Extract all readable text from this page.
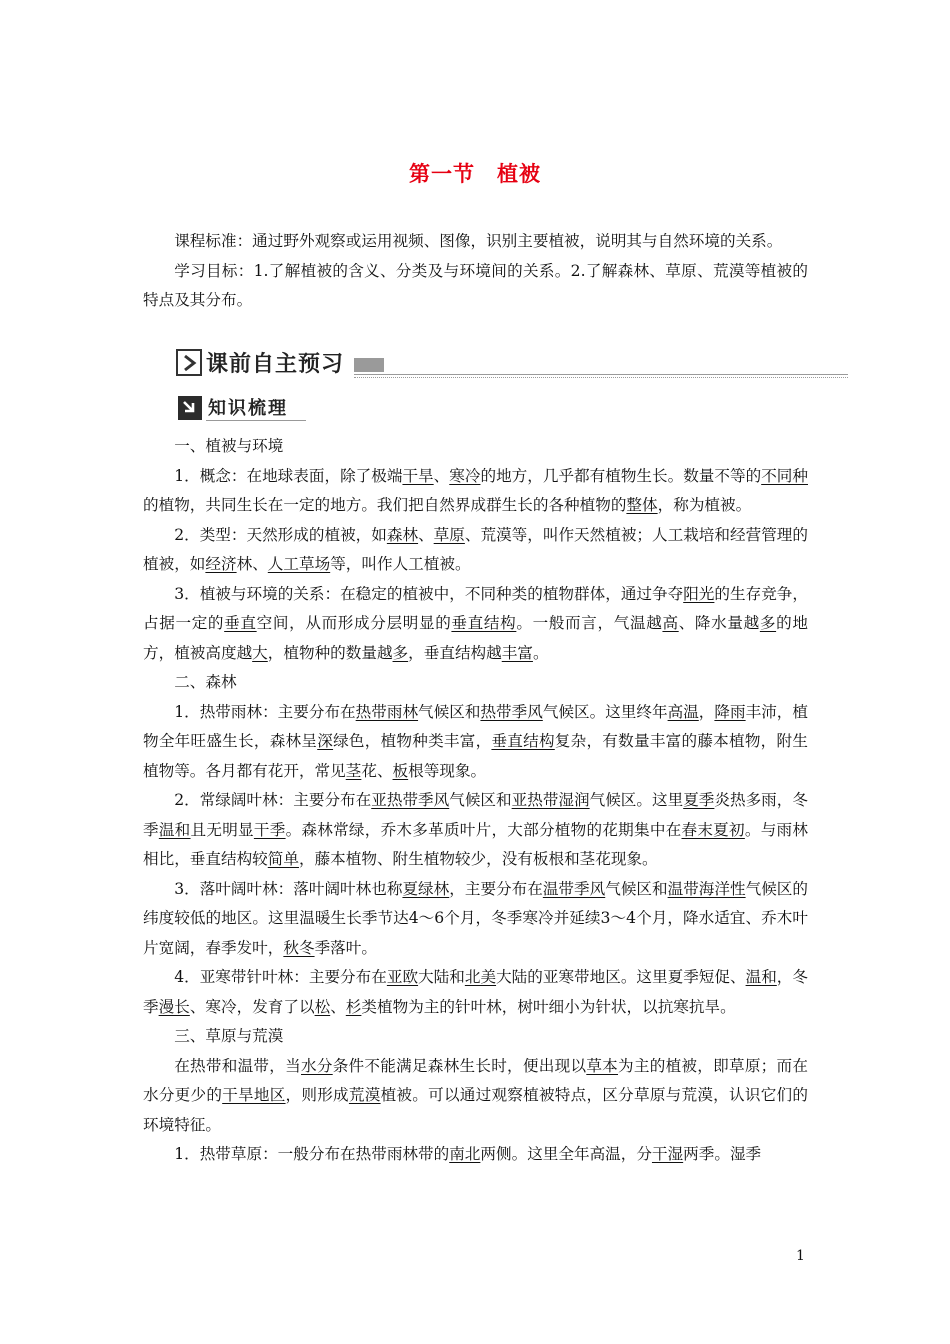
第一节 植被

课程标准：通过野外观察或运用视频、图像，识别主要植被，说明其与自然环境的关系。

学习目标：1.了解植被的含义、分类及与环境间的关系。2.了解森林、草原、荒漠等植被的特点及其分布。

课前自主预习
知识梳理

一、植被与环境

1．概念：在地球表面，除了极端干旱、寒冷的地方，几乎都有植物生长。数量不等的不同种的植物，共同生长在一定的地方。我们把自然界成群生长的各种植物的整体，称为植被。

2．类型：天然形成的植被，如森林、草原、荒漠等，叫作天然植被；人工栽培和经营管理的植被，如经济林、人工草场等，叫作人工植被。

3．植被与环境的关系：在稳定的植被中，不同种类的植物群体，通过争夺阳光的生存竞争，占据一定的垂直空间，从而形成分层明显的垂直结构。一般而言，气温越高、降水量越多的地方，植被高度越大，植物种的数量越多，垂直结构越丰富。

二、森林

1．热带雨林：主要分布在热带雨林气候区和热带季风气候区。这里终年高温，降雨丰沛，植物全年旺盛生长，森林呈深绿色，植物种类丰富，垂直结构复杂，有数量丰富的藤本植物，附生植物等。各月都有花开，常见茎花、板根等现象。

2．常绿阔叶林：主要分布在亚热带季风气候区和亚热带湿润气候区。这里夏季炎热多雨，冬季温和且无明显干季。森林常绿，乔木多革质叶片，大部分植物的花期集中在春末夏初。与雨林相比，垂直结构较简单，藤本植物、附生植物较少，没有板根和茎花现象。

3．落叶阔叶林：落叶阔叶林也称夏绿林，主要分布在温带季风气候区和温带海洋性气候区的纬度较低的地区。这里温暖生长季节达4～6个月，冬季寒冷并延续3～4个月，降水适宜、乔木叶片宽阔，春季发叶，秋冬季落叶。

4．亚寒带针叶林：主要分布在亚欧大陆和北美大陆的亚寒带地区。这里夏季短促、温和，冬季漫长、寒冷，发育了以松、杉类植物为主的针叶林，树叶细小为针状，以抗寒抗旱。

三、草原与荒漠

在热带和温带，当水分条件不能满足森林生长时，便出现以草本为主的植被，即草原；而在水分更少的干旱地区，则形成荒漠植被。可以通过观察植被特点，区分草原与荒漠，认识它们的环境特征。

1．热带草原：一般分布在热带雨林带的南北两侧。这里全年高温，分干湿两季。湿季

1
